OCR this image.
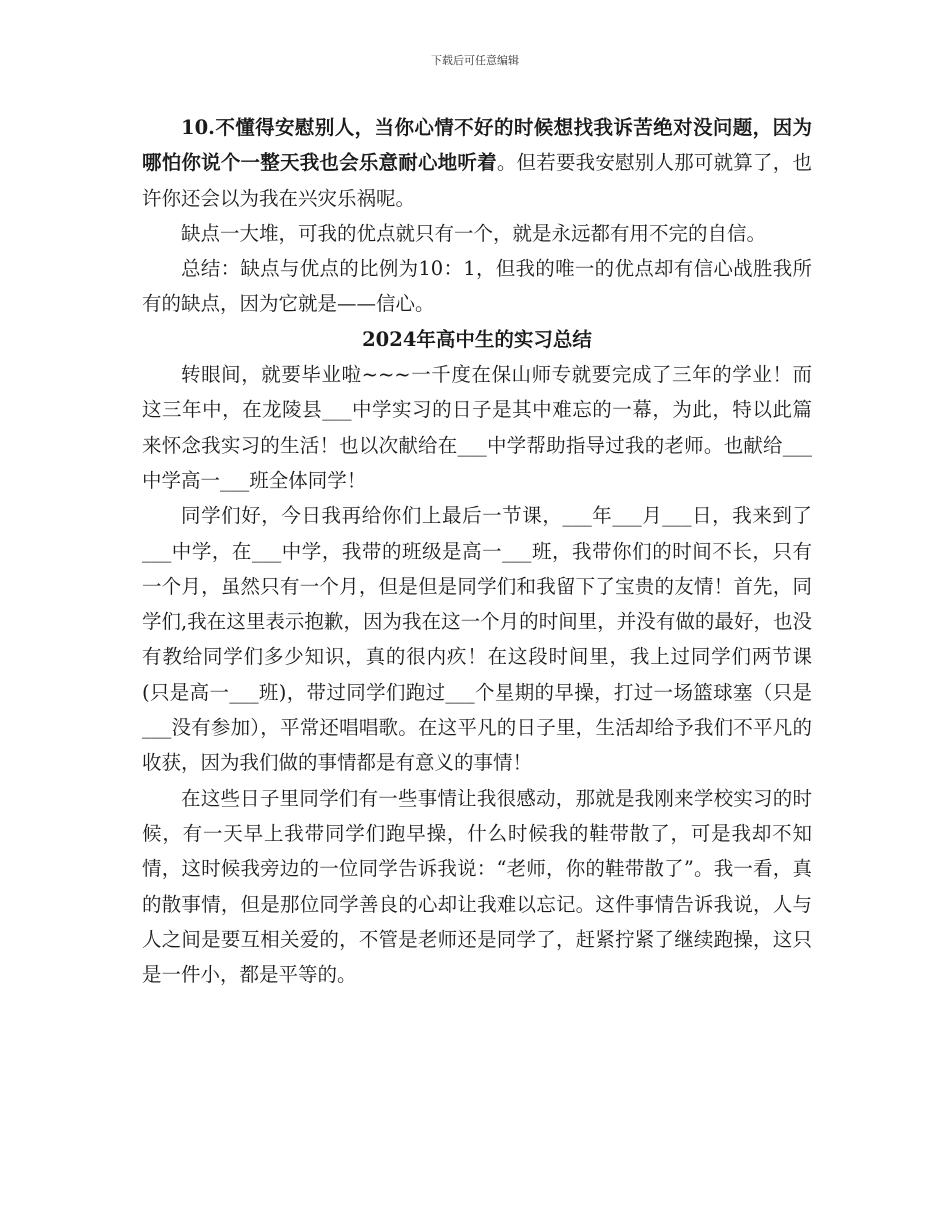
下载后可任意编辑

10.不懂得安慰别人，当你心情不好的时候想找我诉苦绝对没问题，因为哪怕你说个一整天我也会乐意耐心地听着。但若要我安慰别人那可就算了，也许你还会以为我在兴灾乐祸呢。

缺点一大堆，可我的优点就只有一个，就是永远都有用不完的自信。

总结：缺点与优点的比例为10：1，但我的唯一的优点却有信心战胜我所有的缺点，因为它就是——信心。

2024年高中生的实习总结

转眼间，就要毕业啦~~~一千度在保山师专就要完成了三年的学业！而这三年中，在龙陵县___中学实习的日子是其中难忘的一幕，为此，特以此篇来怀念我实习的生活！也以次献给在___中学帮助指导过我的老师。也献给___中学高一___班全体同学！

同学们好，今日我再给你们上最后一节课，___年___月___日，我来到了___中学，在___中学，我带的班级是高一___班，我带你们的时间不长，只有一个月，虽然只有一个月，但是但是同学们和我留下了宝贵的友情！首先，同学们,我在这里表示抱歉，因为我在这一个月的时间里，并没有做的最好，也没有教给同学们多少知识，真的很内疚！在这段时间里，我上过同学们两节课(只是高一___班)，带过同学们跑过___个星期的早操，打过一场篮球塞（只是___没有参加），平常还唱唱歌。在这平凡的日子里，生活却给予我们不平凡的收获，因为我们做的事情都是有意义的事情！

在这些日子里同学们有一些事情让我很感动，那就是我刚来学校实习的时候，有一天早上我带同学们跑早操，什么时候我的鞋带散了，可是我却不知情，这时候我旁边的一位同学告诉我说：“老师，你的鞋带散了”。我一看，真的散事情，但是那位同学善良的心却让我难以忘记。这件事情告诉我说，人与人之间是要互相关爱的，不管是老师还是同学了，赶紧拧紧了继续跑操，这只是一件小，都是平等的。
